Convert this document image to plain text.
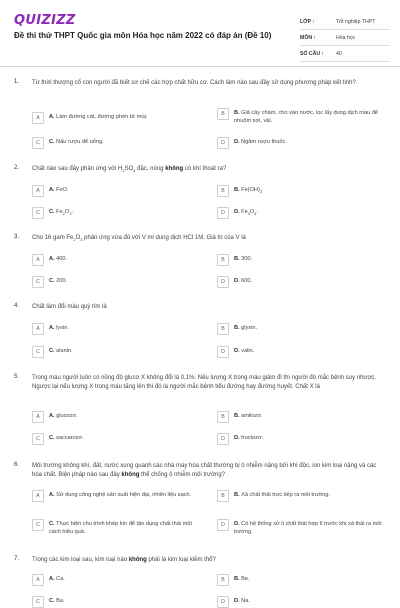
QUIZIZZ
Đề thi thử THPT Quốc gia môn Hóa học năm 2022 có đáp án (Đề 10)
LỚP :	Tốt nghiệp THPT
MÔN :	Hóa học
SỐ CÂU :	40
1. Từ thời thượng cổ con người đã biết sơ chế các hợp chất hữu cơ. Cách làm nào sau đây sử dụng phương pháp kết tinh?
A	A. Làm đường cát, đường phèn từ mía.	B	B. Giã cây chàm, cho vào nước, lọc lấy dung dịch màu để nhuộm sợi, vải.
C	C. Nấu rượu để uống.	D	D. Ngâm rượu thuốc.
2. Chất nào sau đây phản ứng với $H_2SO_4$ đặc, nóng không có khí thoát ra?
A	A. FeO.	B	B. $Fe(OH)_2$.
C	C. $Fe_2O_3$.	D	D. $Fe_3O_4$.
3. Cho 16 gam $Fe_2O_3$ phản ứng vừa đủ với V ml dung dịch HCl 1M. Giá trị của V là
A	A. 400.	B	B. 300.
C	C. 200.	D	D. 600.
4. Chất làm đổi màu quỳ tím là
A	A. lysin.	B	B. glyxin.
C	C. alanin.	D	D. valin.
5. Trong máu người luôn có nồng độ glucơ X không đổi là 0,1%. Nếu lượng X trong máu giảm đi thì người đó mắc bệnh suy nhược. Ngược lại nếu lượng X trong máu tăng lên thì đó là người mắc bệnh tiểu đường hay đường huyết. Chất X là
A	A. glucozơ.	B	B. amilozơ.
C	C. saccarozơ.	D	D. fructozơ.
6. Môi trường không khí, đất, nước xung quanh các nhà máy hóa chất thường bị ô nhiễm nặng bởi khí độc, ion kim loại nặng và các hóa chất. Biện pháp nào sau đây không thể chống ô nhiễm môi trường?
A	A. Sử dụng công nghệ sản xuất hiện đại, nhiên liệu sạch.	B	B. Xả chất thải trực tiếp ra môi trường.
C	C. Thực hiện chu trình khép kín để tận dụng chất thải một cách hiệu quả.
D	D. Có hệ thống xử lí chất thải hợp lí trước khi xả thải ra môi trường.
7. Trong các kim loại sau, kim loại nào không phải là kim loại kiềm thổ?
A	A. Ca.	B	B. Be.
C	C. Ba.	D	D. Na.
